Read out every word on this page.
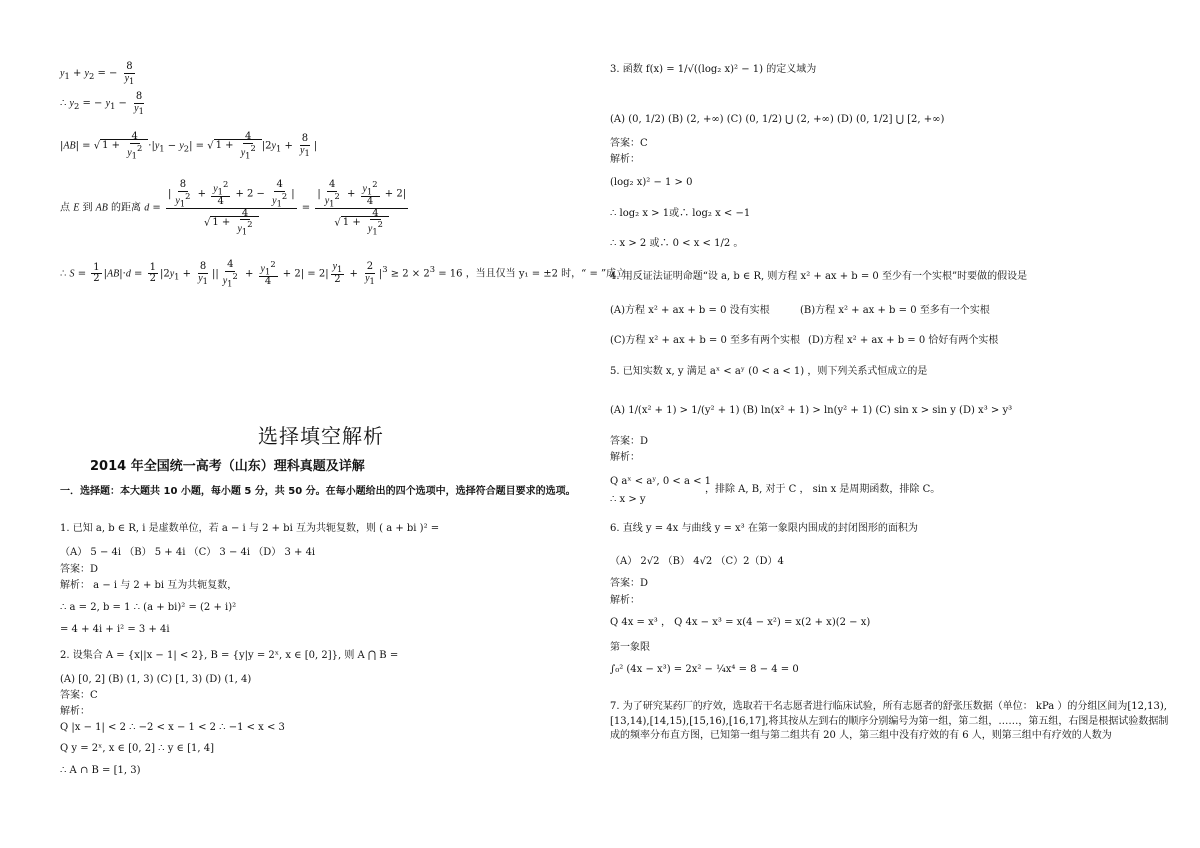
$y_1 + y_2$ = − $\frac{8}{y_1}$
∴ $y_2$ = − $y_1 - \frac{8}{y_1}$
|AB| = √ $1 + \frac{4}{y_1^2} \cdot|y_1 - y_2|$ = √ $1 + \frac{4}{y_1^2} |2y_1 + \frac{8}{y_1}$ |
点 E 到 AB 的距离 $d = \frac{| \frac{8}{y_1^2} + \frac{y_1^2}{4} + 2 - \frac{4}{y_1^2} |}{√ 1 + \frac{4}{y_1^2}} = \frac{| \frac{4}{y_1^2} + \frac{y_1^2}{4} + 2|}{√ 1 + \frac{4}{y_1^2}}$
∴ $S = \frac{1}{2} |AB|\cdot d = \frac{1}{2} |2y_1 + \frac{8}{y_1}$ || $\frac{4}{y_1^2} + \frac{y_1^2}{4} + 2| = 2| \frac{y_1}{2} + \frac{2}{y_1} |^3 \ge 2 \times 2^3 = 16$ ，当且仅当 y₁ = ±2 时，“ = ”成立.
选择填空解析
2014 年全国统一高考（山东）理科真题及详解
一．选择题：本大题共 10 小题，每小题 5 分，共 50 分。在每小题给出的四个选项中，选择符合题目要求的选项。
1. 已知 a, b ∈ R, i 是虚数单位，若 a − i 与 2 + bi 互为共轭复数，则 ( a + bi )² =
（A） 5 − 4i （B） 5 + 4i （C） 3 − 4i （D） 3 + 4i
答案：D
解析： a − i 与 2 + bi 互为共轭复数，
∴ a = 2, b = 1 ∴ (a + bi)² = (2 + i)²
= 4 + 4i + i² = 3 + 4i
2. 设集合 A = {x||x − 1| < 2}, B = {y|y = 2ˣ, x ∈ [0, 2]}, 则 A ⋂ B =
(A) [0, 2] (B) (1, 3) (C) [1, 3) (D) (1, 4)
答案：C
解析：
Q |x − 1| < 2 ∴ −2 < x − 1 < 2 ∴ −1 < x < 3
Q y = 2ˣ, x ∈ [0, 2] ∴ y ∈ [1, 4]
∴ A ∩ B = [1, 3)
3. 函数 f(x) = 1/√((log₂ x)² − 1) 的定义域为
(A) (0, 1/2) (B) (2, +∞) (C) (0, 1/2) ⋃ (2, +∞) (D) (0, 1/2] ⋃ [2, +∞)
答案：C
解析：
(log₂ x)² − 1 > 0
∴ log₂ x > 1或∴ log₂ x < −1
∴ x > 2 或∴ 0 < x < 1/2 。
4. 用反证法证明命题“设 a, b ∈ R, 则方程 x² + ax + b = 0 至少有一个实根”时要做的假设是
(A)方程 x² + ax + b = 0 没有实根	(B)方程 x² + ax + b = 0 至多有一个实根
(C)方程 x² + ax + b = 0 至多有两个实根 (D)方程 x² + ax + b = 0 恰好有两个实根
5. 已知实数 x, y 满足 aˣ < aʸ (0 < a < 1) ，则下列关系式恒成立的是
(A) 1/(x² + 1) > 1/(y² + 1) (B) ln(x² + 1) > ln(y² + 1) (C) sin x > sin y (D) x³ > y³
答案：D
解析：
Q aˣ < aʸ, 0 < a < 1
，排除 A, B, 对于 C ， sin x 是周期函数，排除 C。
∴ x > y
6. 直线 y = 4x 与曲线 y = x³ 在第一象限内围成的封闭图形的面积为
（A） 2√2 （B） 4√2 （C）2（D）4
答案：D
解析：
Q 4x = x³ ， Q 4x − x³ = x(4 − x²) = x(2 + x)(2 − x)
第一象限
∫₀² (4x − x³) = 2x² − ¼x⁴ = 8 − 4 = 0
7. 为了研究某药厂的疗效，选取若干名志愿者进行临床试验，所有志愿者的舒张压数据（单位： kPa ）的分组区间为[12,13),[13,14),[14,15),[15,16),[16,17],将其按从左到右的顺序分别编号为第一组，第二组，……，第五组，右图是根据试验数据制成的频率分布直方图，已知第一组与第二组共有 20 人，第三组中没有疗效的有 6 人，则第三组中有疗效的人数为
